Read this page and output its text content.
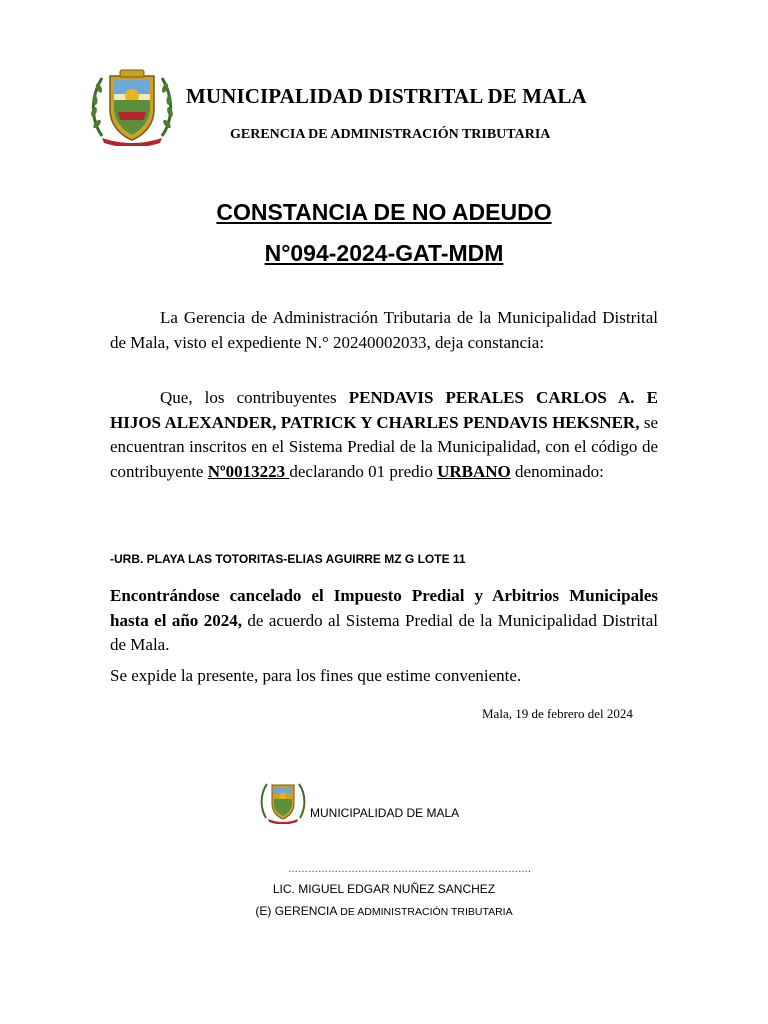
MUNICIPALIDAD DISTRITAL DE MALA
GERENCIA DE ADMINISTRACIÓN TRIBUTARIA
CONSTANCIA DE NO ADEUDO
N°094-2024-GAT-MDM
La Gerencia de Administración Tributaria de la Municipalidad Distrital de Mala, visto el expediente N.° 20240002033, deja constancia:
Que, los contribuyentes PENDAVIS PERALES CARLOS A. E HIJOS ALEXANDER, PATRICK Y CHARLES PENDAVIS HEKSNER, se encuentran inscritos en el Sistema Predial de la Municipalidad, con el código de contribuyente Nº0013223 declarando 01 predio URBANO denominado:
-URB. PLAYA LAS TOTORITAS-ELIAS AGUIRRE MZ G LOTE 11
Encontrándose cancelado el Impuesto Predial y Arbitrios Municipales hasta el año 2024, de acuerdo al Sistema Predial de la Municipalidad Distrital de Mala.
Se expide la presente, para los fines que estime conveniente.
Mala, 19 de febrero del 2024
MUNICIPALIDAD DE MALA
……………………………………………………………….
LIC. MIGUEL EDGAR NUÑEZ SANCHEZ
(E) GERENCIA DE ADMINISTRACIÓN TRIBUTARIA
